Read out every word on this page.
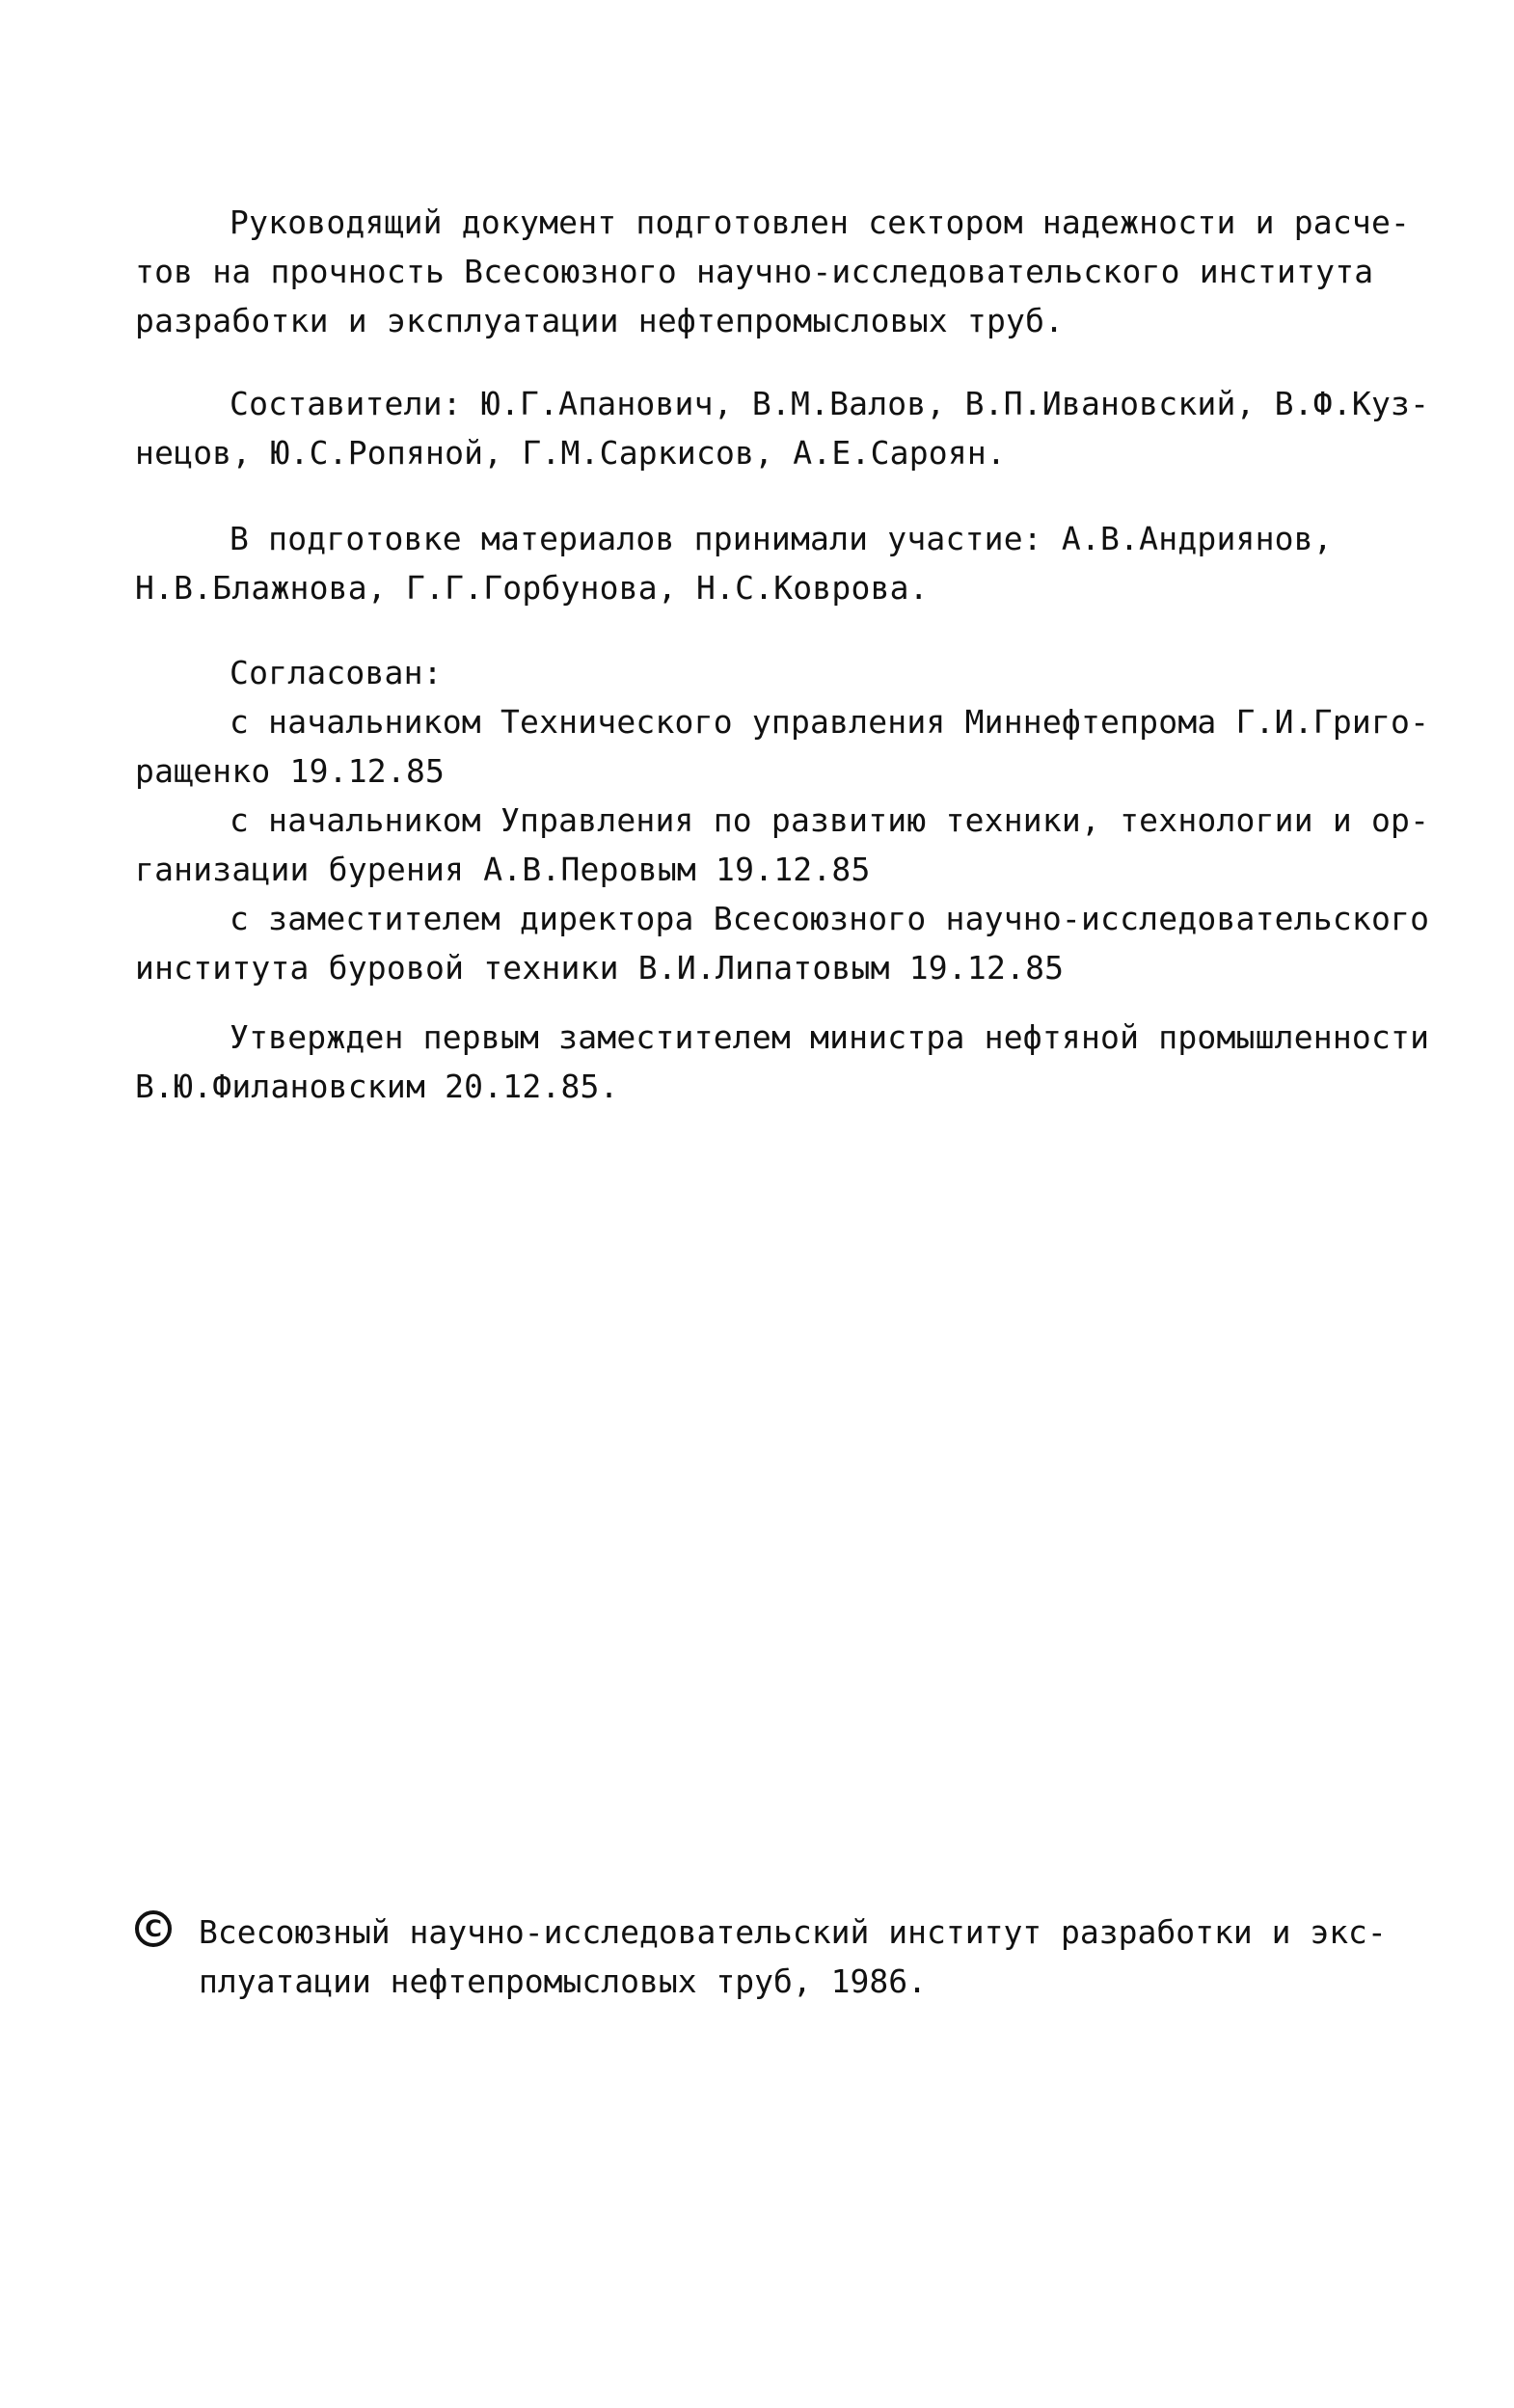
Руководящий документ подготовлен сектором надежности и расче-
тов на прочность Всесоюзного научно-исследовательского института
разработки и эксплуатации нефтепромысловых труб.
Составители: Ю.Г.Апанович, В.М.Валов, В.П.Ивановский, В.Ф.Куз-
нецов, Ю.С.Ропяной, Г.М.Саркисов, А.Е.Сароян.
В подготовке материалов принимали участие: А.В.Андриянов,
Н.В.Блажнова, Г.Г.Горбунова, Н.С.Коврова.
Согласован:
с начальником Технического управления Миннефтепрома Г.И.Григо-
ращенко 19.12.85
с начальником Управления по развитию техники, технологии и ор-
ганизации бурения А.В.Перовым 19.12.85
с заместителем директора Всесоюзного научно-исследовательского
института буровой техники В.И.Липатовым 19.12.85
Утвержден первым заместителем министра нефтяной промышленности
В.Ю.Филановским 20.12.85.
С	Всесоюзный научно-исследовательский институт разработки и экс-
плуатации нефтепромысловых труб, 1986.
